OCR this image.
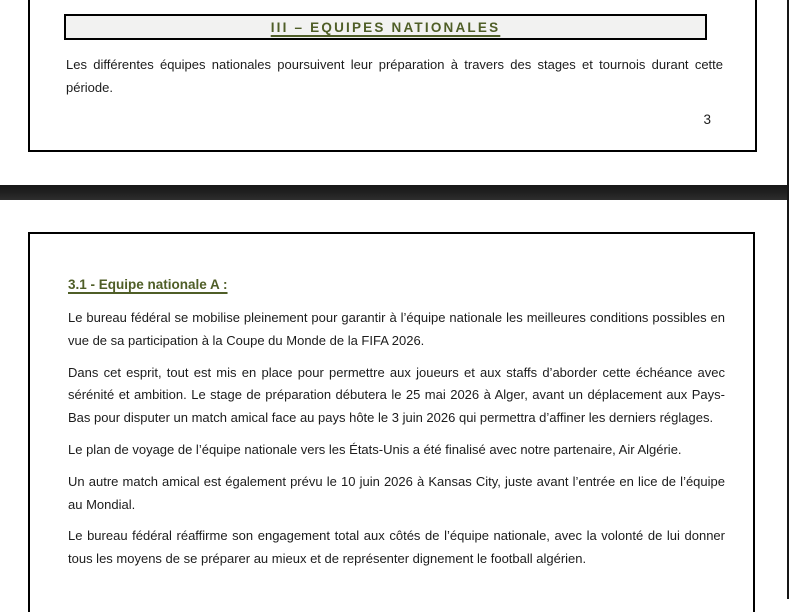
III – EQUIPES NATIONALES

Les différentes équipes nationales poursuivent leur préparation à travers des stages et tournois durant cette période.

3
3.1 - Equipe nationale A :

Le bureau fédéral se mobilise pleinement pour garantir à l’équipe nationale les meilleures conditions possibles en vue de sa participation à la Coupe du Monde de la FIFA 2026.

Dans cet esprit, tout est mis en place pour permettre aux joueurs et aux staffs d’aborder cette échéance avec sérénité et ambition. Le stage de préparation débutera le 25 mai 2026 à Alger, avant un déplacement aux Pays-Bas pour disputer un match amical face au pays hôte le 3 juin 2026 qui permettra d’affiner les derniers réglages.

Le plan de voyage de l’équipe nationale vers les États-Unis a été finalisé avec notre partenaire, Air Algérie.

Un autre match amical est également prévu le 10 juin 2026 à Kansas City, juste avant l’entrée en lice de l’équipe au Mondial.

Le bureau fédéral réaffirme son engagement total aux côtés de l’équipe nationale, avec la volonté de lui donner tous les moyens de se préparer au mieux et de représenter dignement le football algérien.
